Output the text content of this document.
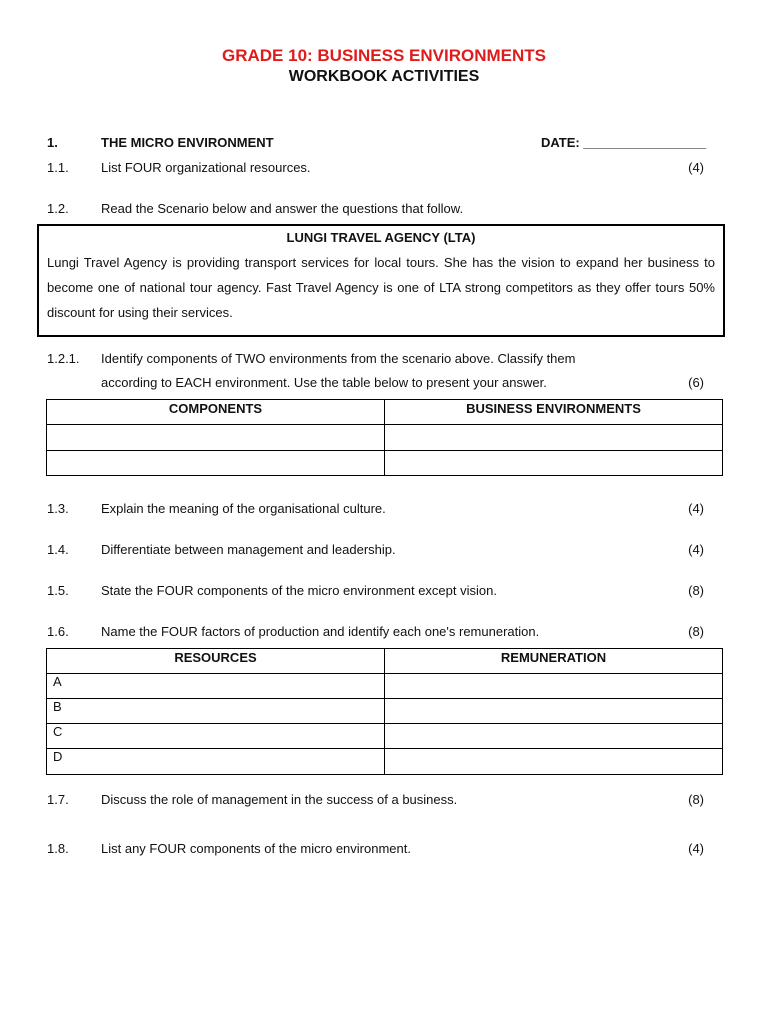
GRADE 10: BUSINESS ENVIRONMENTS
WORKBOOK ACTIVITIES
1.	THE MICRO ENVIRONMENT	DATE: _________________
1.1. List FOUR organizational resources.	(4)
1.2. Read the Scenario below and answer the questions that follow.
LUNGI TRAVEL AGENCY (LTA)
Lungi Travel Agency is providing transport services for local tours. She has the vision to expand her business to become one of national tour agency. Fast Travel Agency is one of LTA strong competitors as they offer tours 50% discount for using their services.
1.2.1. Identify components of TWO environments from the scenario above. Classify them
according to EACH environment. Use the table below to present your answer.	(6)
COMPONENTS	BUSINESS ENVIRONMENTS

1.3. Explain the meaning of the organisational culture.	(4)
1.4. Differentiate between management and leadership.	(4)
1.5. State the FOUR components of the micro environment except vision.	(8)
1.6. Name the FOUR factors of production and identify each one's remuneration.	(8)
RESOURCES	REMUNERATION
A	
B	
C	
D	
1.7. Discuss the role of management in the success of a business.	(8)
1.8. List any FOUR components of the micro environment.	(4)
